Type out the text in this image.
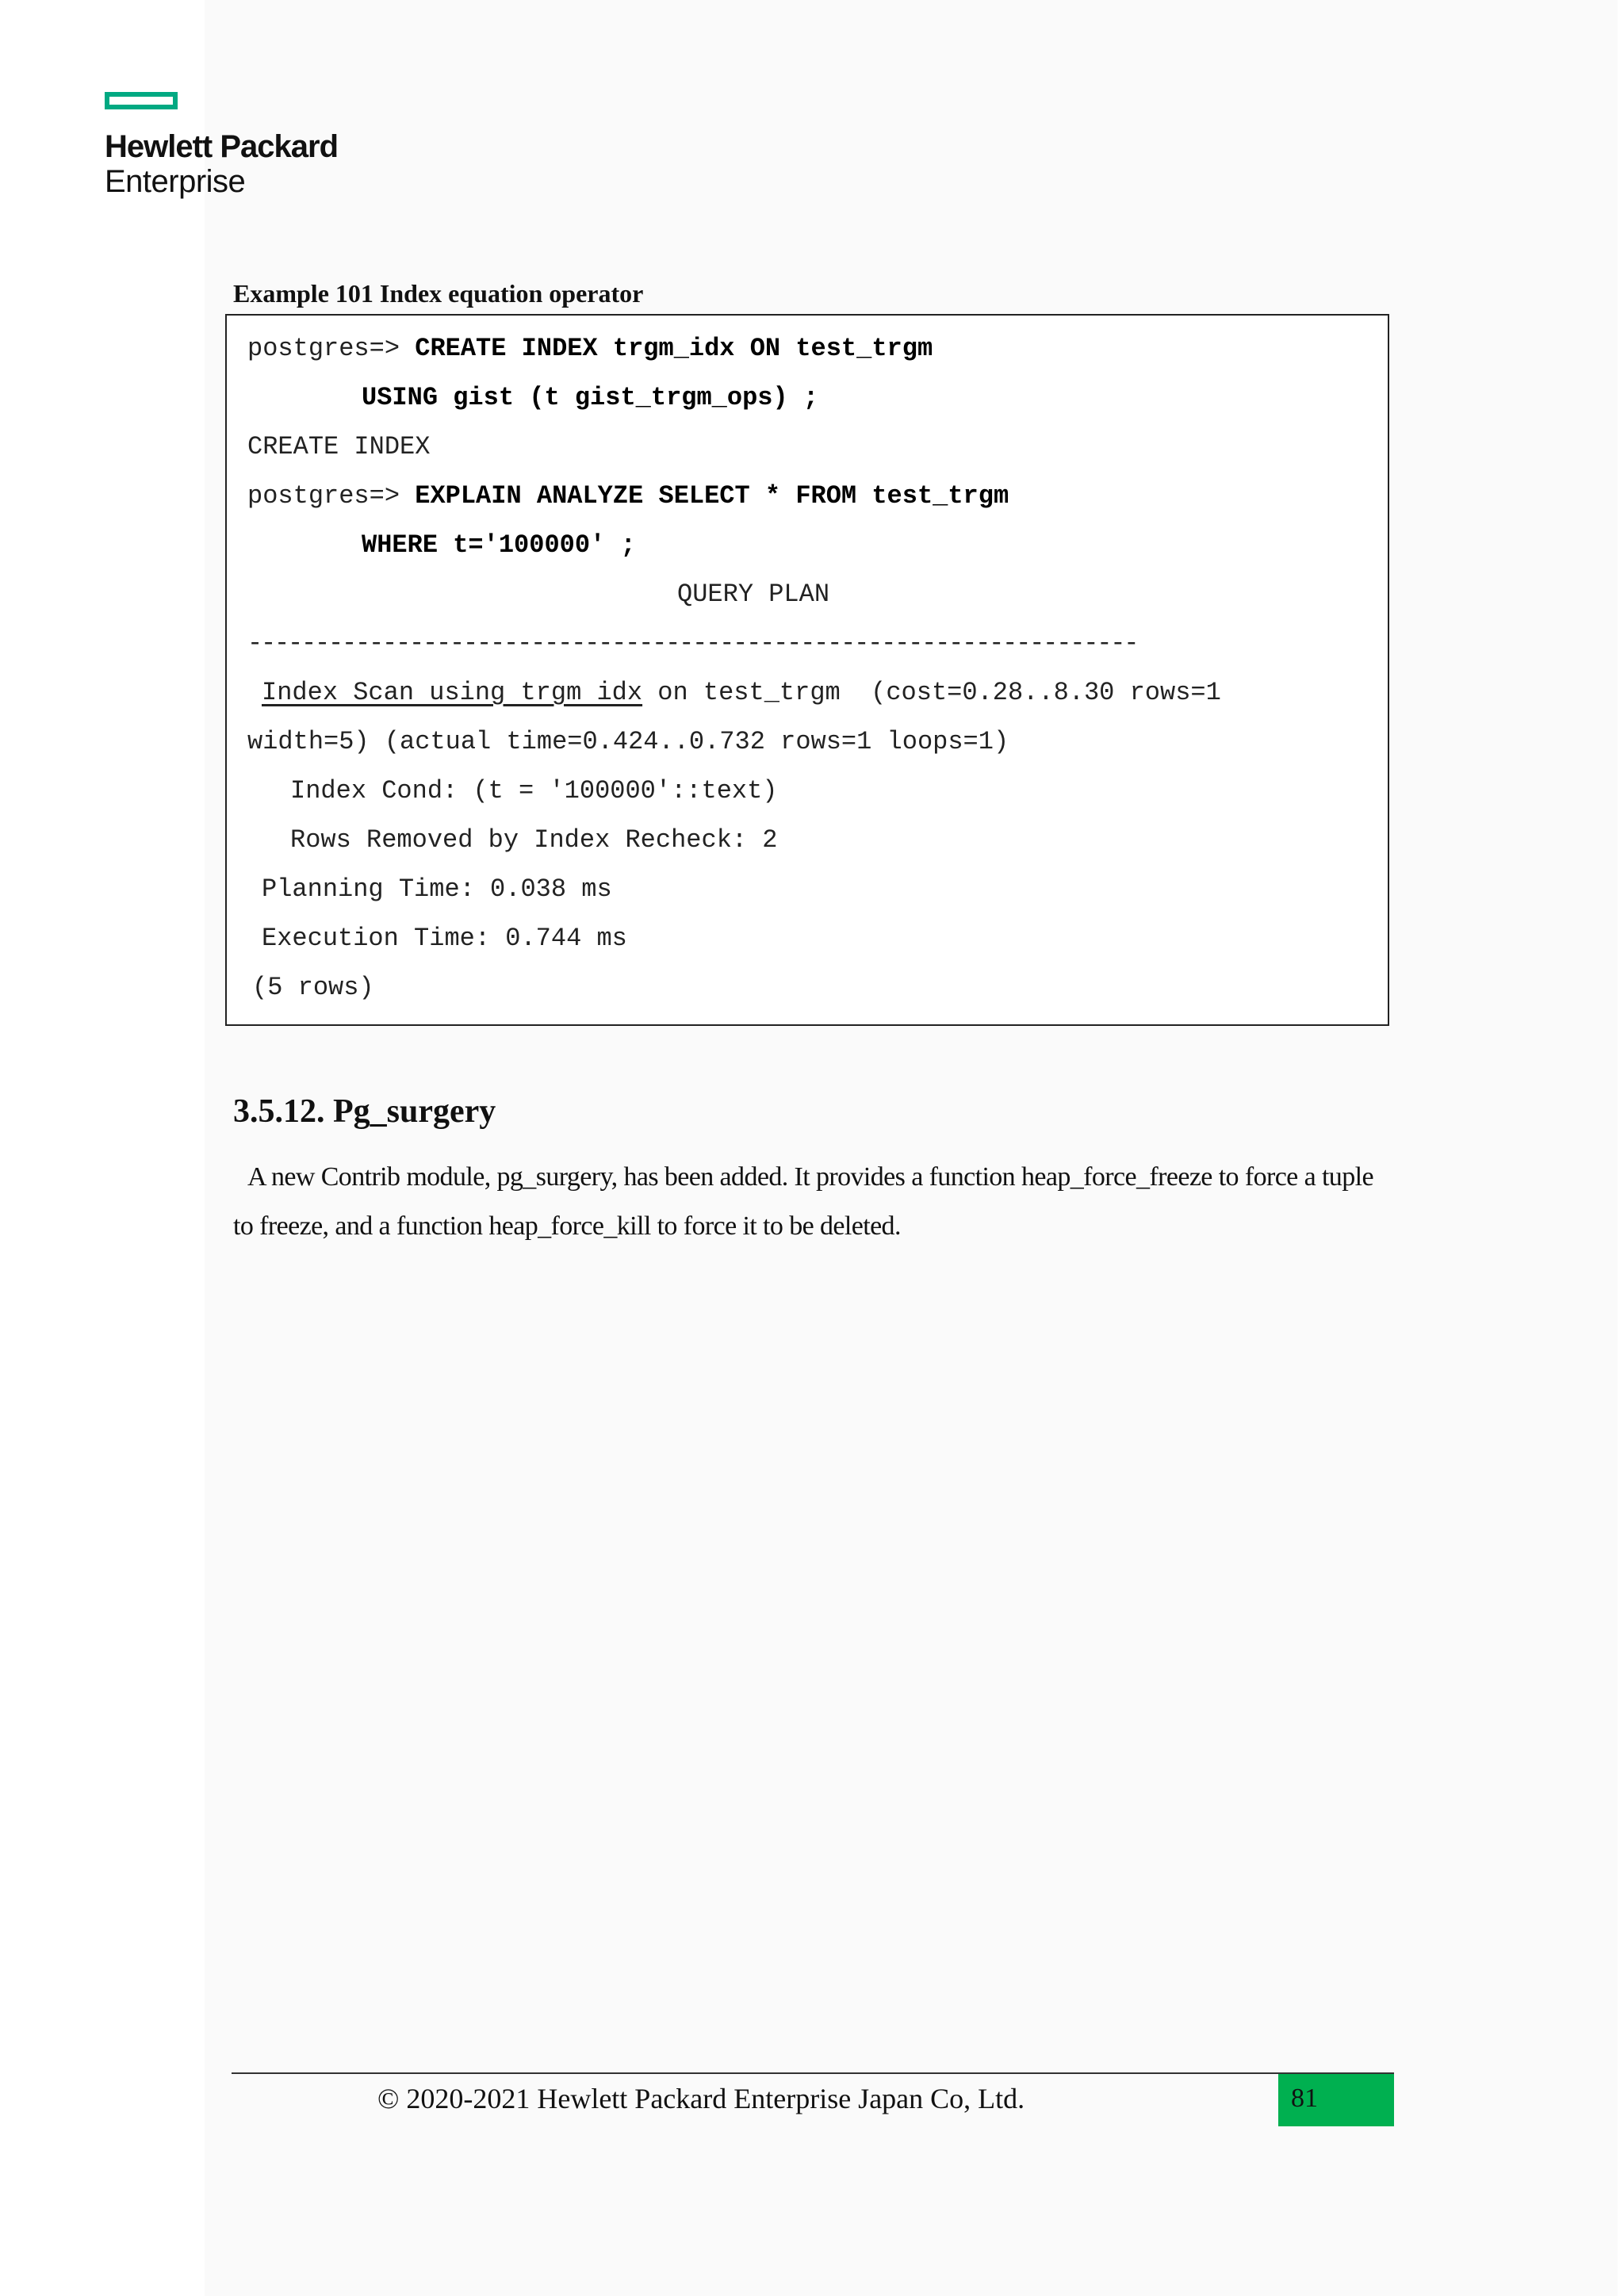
Hewlett Packard
Enterprise
Example 101 Index equation operator
postgres=> CREATE INDEX trgm_idx ON test_trgm
USING gist (t gist_trgm_ops) ;
CREATE INDEX
postgres=> EXPLAIN ANALYZE SELECT * FROM test_trgm
WHERE t='100000' ;
QUERY PLAN
------------------------------------------------------------------
Index Scan using trgm idx on test_trgm  (cost=0.28..8.30 rows=1
width=5) (actual time=0.424..0.732 rows=1 loops=1)
Index Cond: (t = '100000'::text)
Rows Removed by Index Recheck: 2
Planning Time: 0.038 ms
Execution Time: 0.744 ms
(5 rows)
3.5.12. Pg_surgery
A new Contrib module, pg_surgery, has been added. It provides a function heap_force_freeze to force a tuple to freeze, and a function heap_force_kill to force it to be deleted.
© 2020-2021 Hewlett Packard Enterprise Japan Co, Ltd.	81
